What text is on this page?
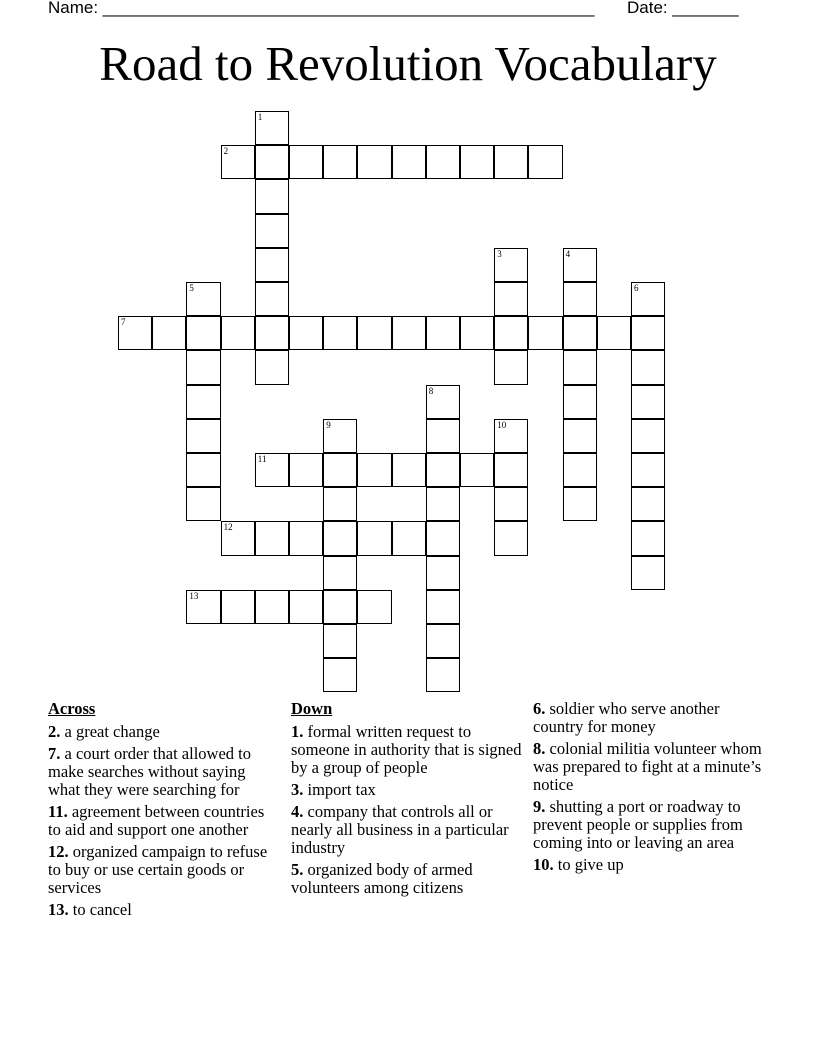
Name: ____________________________________________________ Date: _______
Road to Revolution Vocabulary
2
7
11
12
13
1
3	4
5	6
8
9	10
Across
2. a great change
7. a court order that allowed to make searches without saying what they were searching for
11. agreement between countries to aid and support one another
12. organized campaign to refuse to buy or use certain goods or services
13. to cancel
Down
1. formal written request to someone in authority that is signed by a group of people
3. import tax
4. company that controls all or nearly all business in a particular industry
5. organized body of armed volunteers among citizens
6. soldier who serve another country for money
8. colonial militia volunteer whom was prepared to fight at a minute’s notice
9. shutting a port or roadway to prevent people or supplies from coming into or leaving an area
10. to give up
